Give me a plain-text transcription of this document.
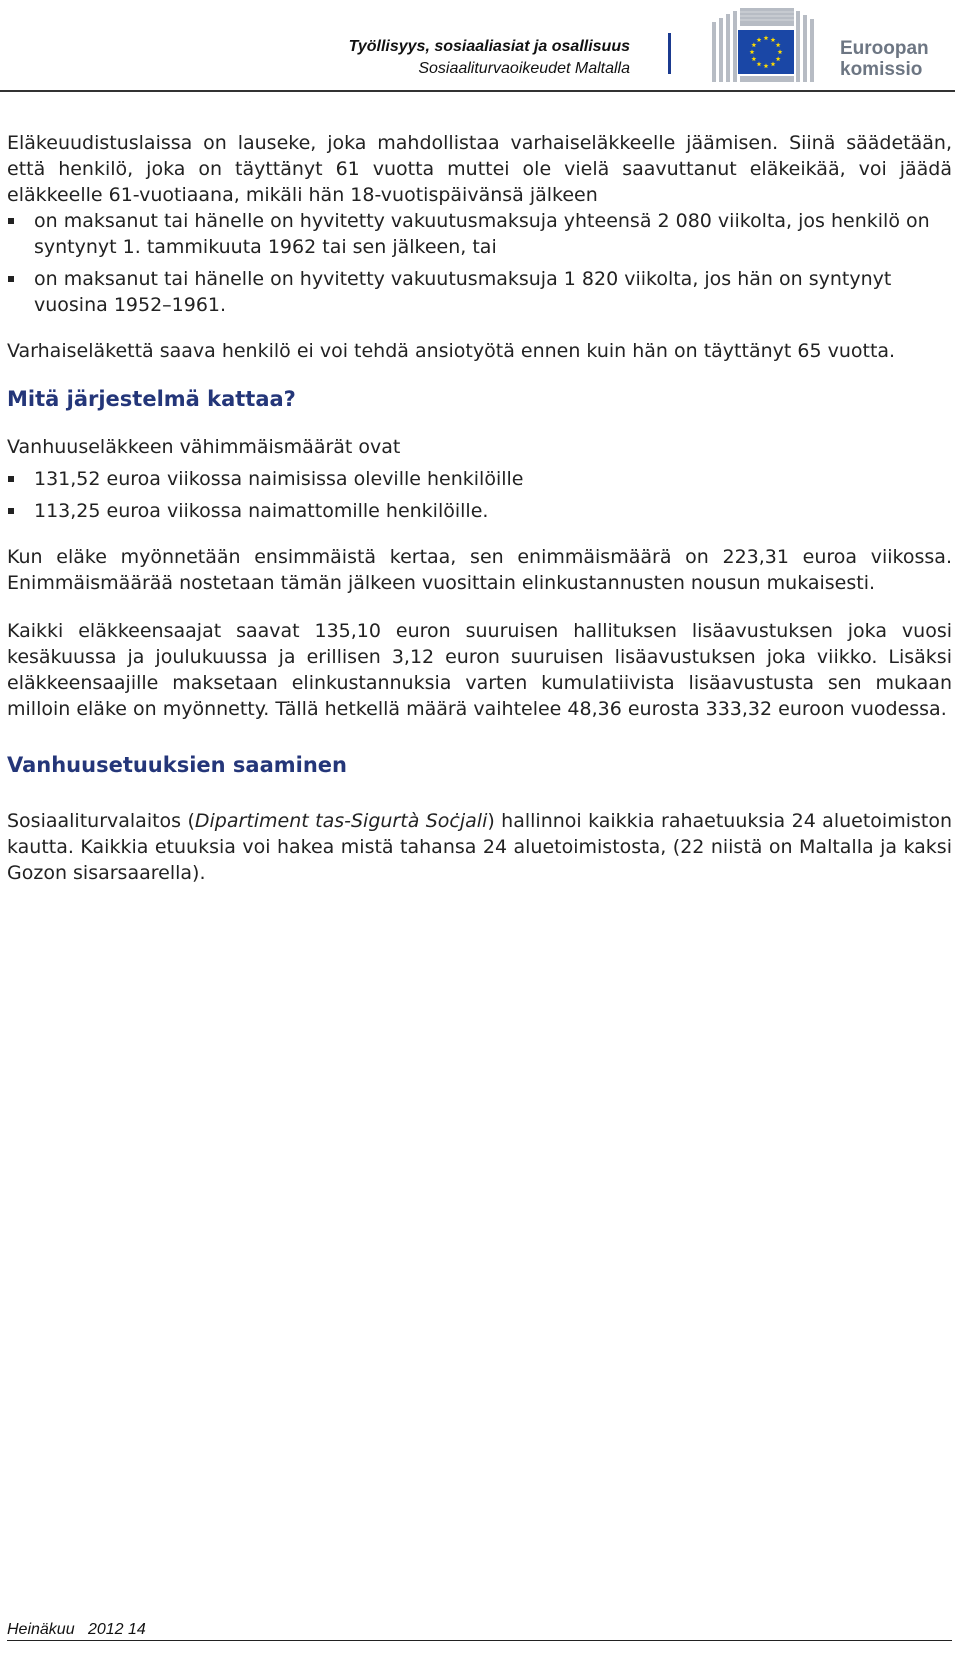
Työllisyys, sosiaaliasiat ja osallisuus
Sosiaaliturvaoikeudet Maltalla
Euroopan
komissio

Eläkeuudistuslaissa on lauseke, joka mahdollistaa varhaiseläkkeelle jäämisen. Siinä säädetään, että henkilö, joka on täyttänyt 61 vuotta muttei ole vielä saavuttanut eläkeikää, voi jäädä eläkkeelle 61-vuotiaana, mikäli hän 18-vuotispäivänsä jälkeen

on maksanut tai hänelle on hyvitetty vakuutusmaksuja yhteensä 2 080 viikolta, jos henkilö on syntynyt 1. tammikuuta 1962 tai sen jälkeen, tai
on maksanut tai hänelle on hyvitetty vakuutusmaksuja 1 820 viikolta, jos hän on syntynyt vuosina 1952–1961.

Varhaiseläkettä saava henkilö ei voi tehdä ansiotyötä ennen kuin hän on täyttänyt 65 vuotta.

Mitä järjestelmä kattaa?

Vanhuuseläkkeen vähimmäismäärät ovat

131,52 euroa viikossa naimisissa oleville henkilöille
113,25 euroa viikossa naimattomille henkilöille.

Kun eläke myönnetään ensimmäistä kertaa, sen enimmäismäärä on 223,31 euroa viikossa. Enimmäismäärää nostetaan tämän jälkeen vuosittain elinkustannusten nousun mukaisesti.

Kaikki eläkkeensaajat saavat 135,10 euron suuruisen hallituksen lisäavustuksen joka vuosi kesäkuussa ja joulukuussa ja erillisen 3,12 euron suuruisen lisäavustuksen joka viikko. Lisäksi eläkkeensaajille maksetaan elinkustannuksia varten kumulatiivista lisäavustusta sen mukaan milloin eläke on myönnetty. Tällä hetkellä määrä vaihtelee 48,36 eurosta 333,32 euroon vuodessa.

Vanhuusetuuksien saaminen

Sosiaaliturvalaitos (Dipartiment tas-Sigurtà Soċjali) hallinnoi kaikkia rahaetuuksia 24 aluetoimiston kautta. Kaikkia etuuksia voi hakea mistä tahansa 24 aluetoimistosta, (22 niistä on Maltalla ja kaksi Gozon sisarsaarella).

Heinäkuu 2012 14
